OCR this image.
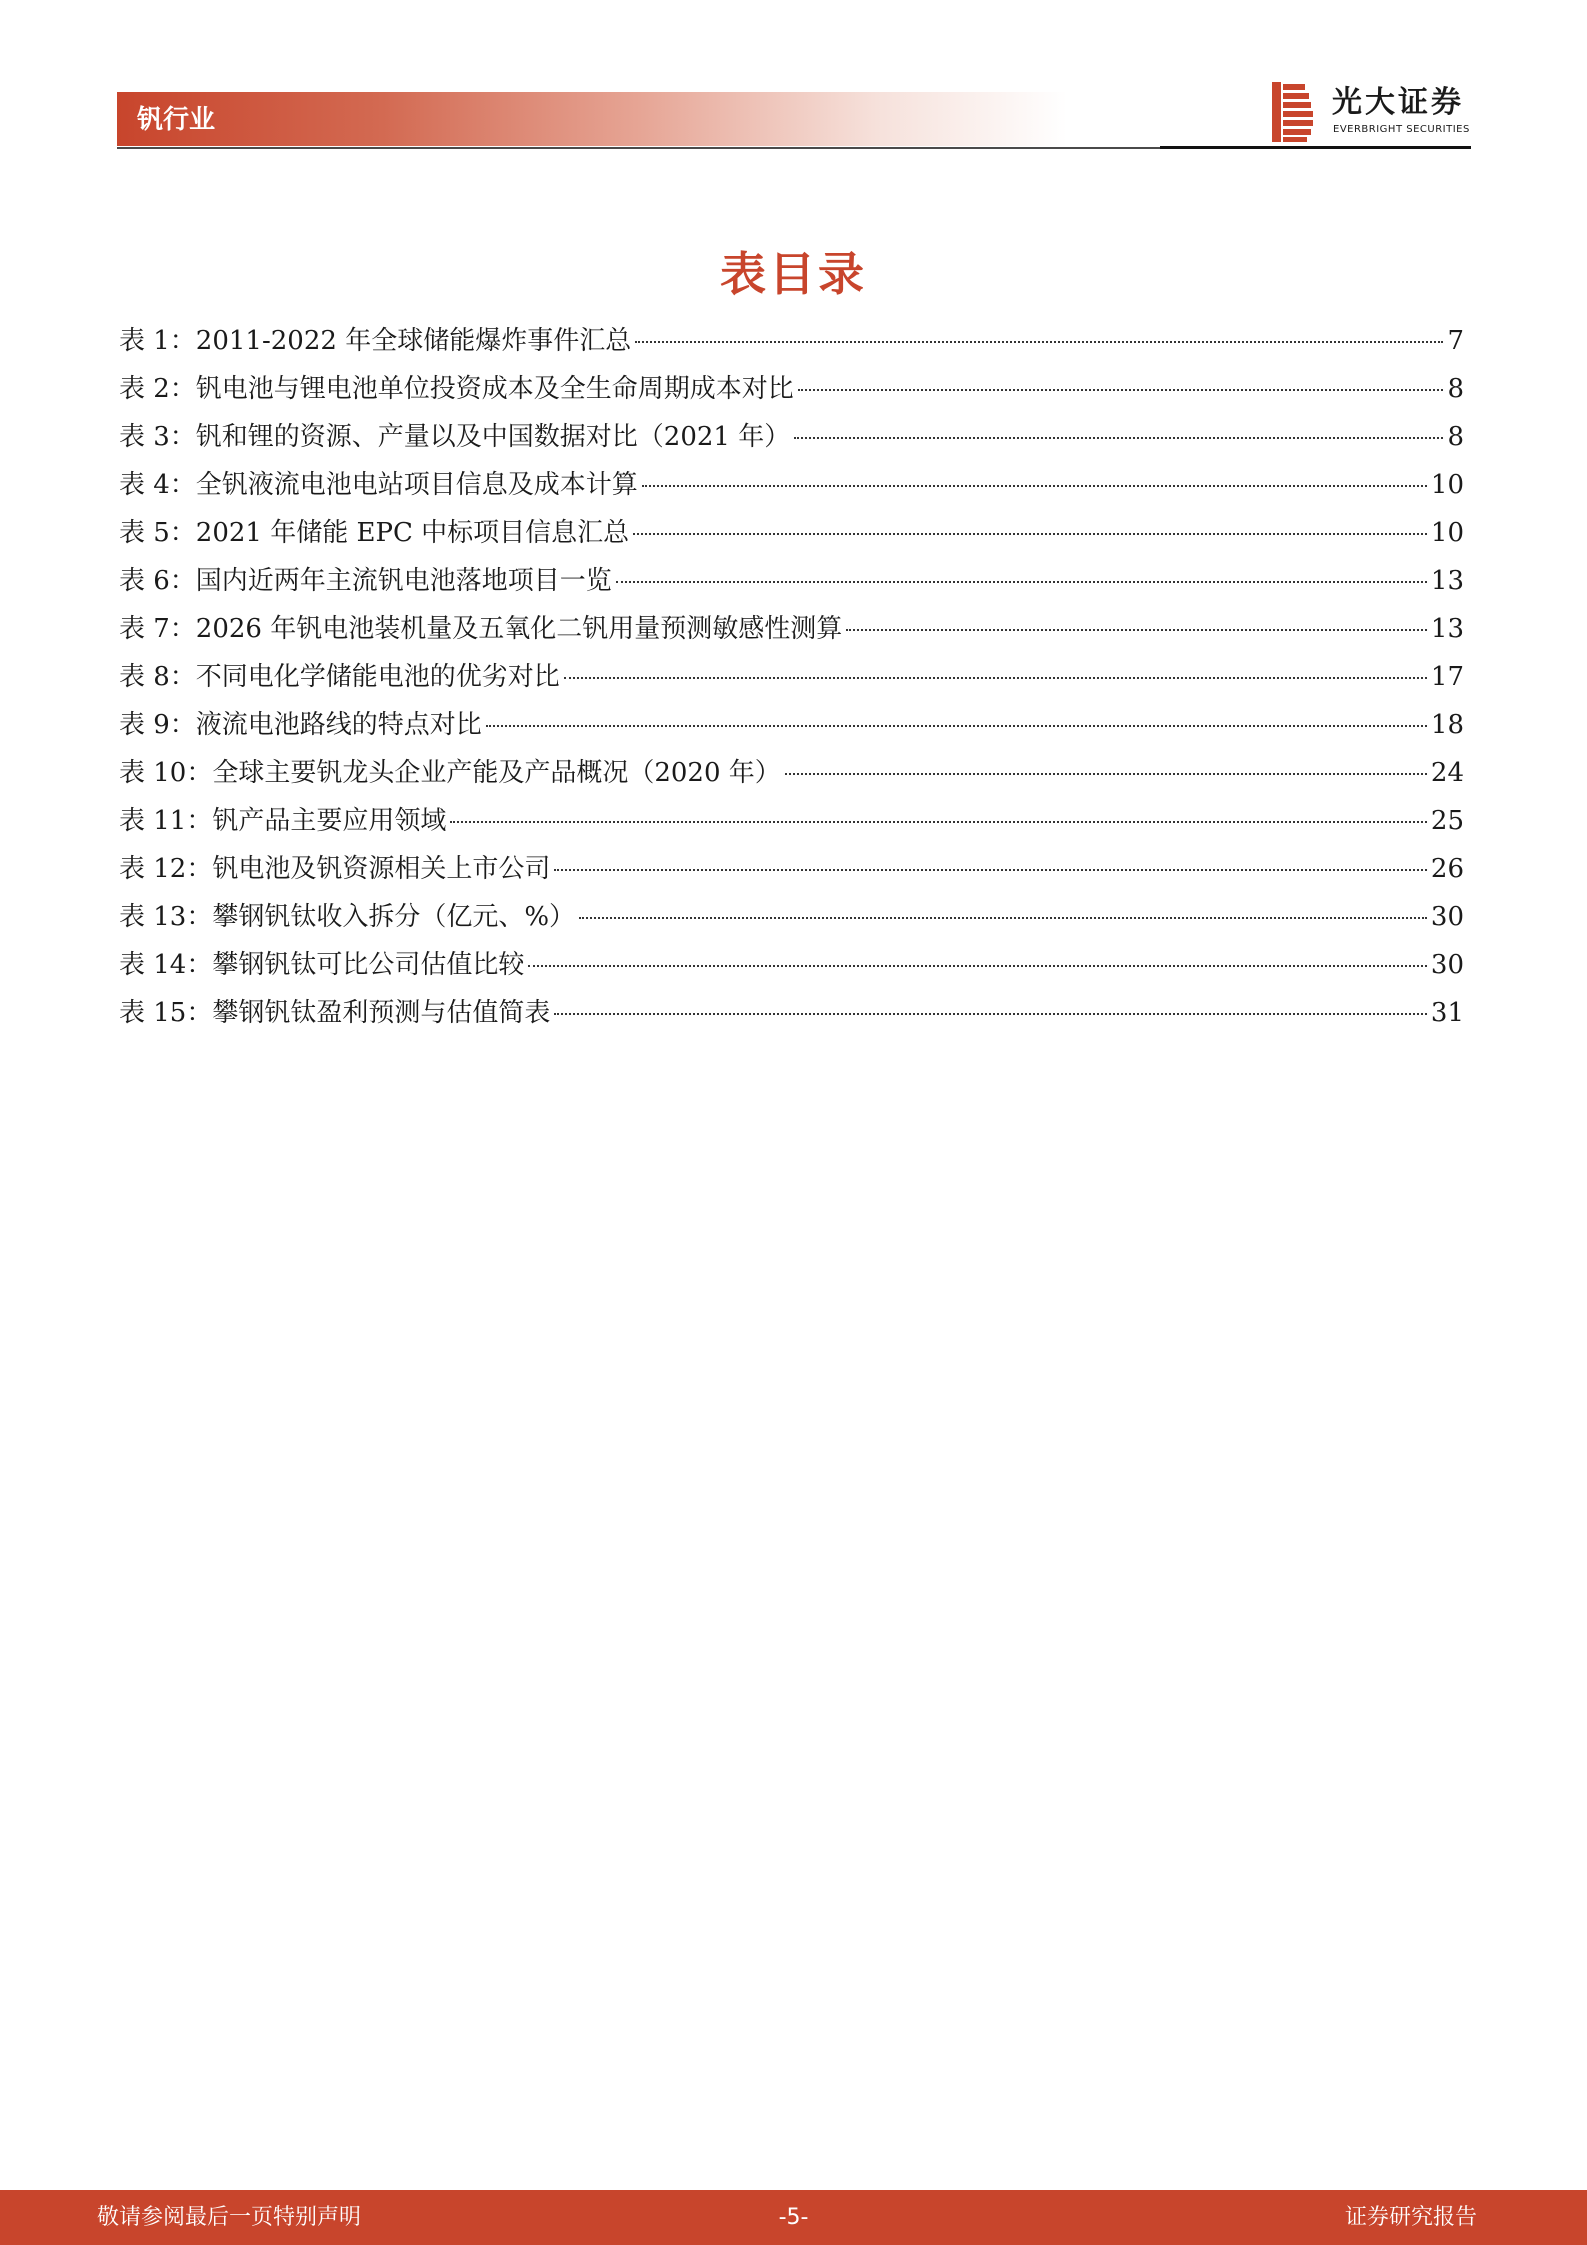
钒行业	光大证券
EVERBRIGHT SECURITIES
表目录
表 1：2011-2022 年全球储能爆炸事件汇总	7
表 2：钒电池与锂电池单位投资成本及全生命周期成本对比	8
表 3：钒和锂的资源、产量以及中国数据对比（2021 年）	8
表 4：全钒液流电池电站项目信息及成本计算	10
表 5：2021 年储能 EPC 中标项目信息汇总	10
表 6：国内近两年主流钒电池落地项目一览	13
表 7：2026 年钒电池装机量及五氧化二钒用量预测敏感性测算	13
表 8：不同电化学储能电池的优劣对比	17
表 9：液流电池路线的特点对比	18
表 10：全球主要钒龙头企业产能及产品概况（2020 年）	24
表 11：钒产品主要应用领域	25
表 12：钒电池及钒资源相关上市公司	26
表 13：攀钢钒钛收入拆分（亿元、%）	30
表 14：攀钢钒钛可比公司估值比较	30
表 15：攀钢钒钛盈利预测与估值简表	31
敬请参阅最后一页特别声明	-5-	证券研究报告
